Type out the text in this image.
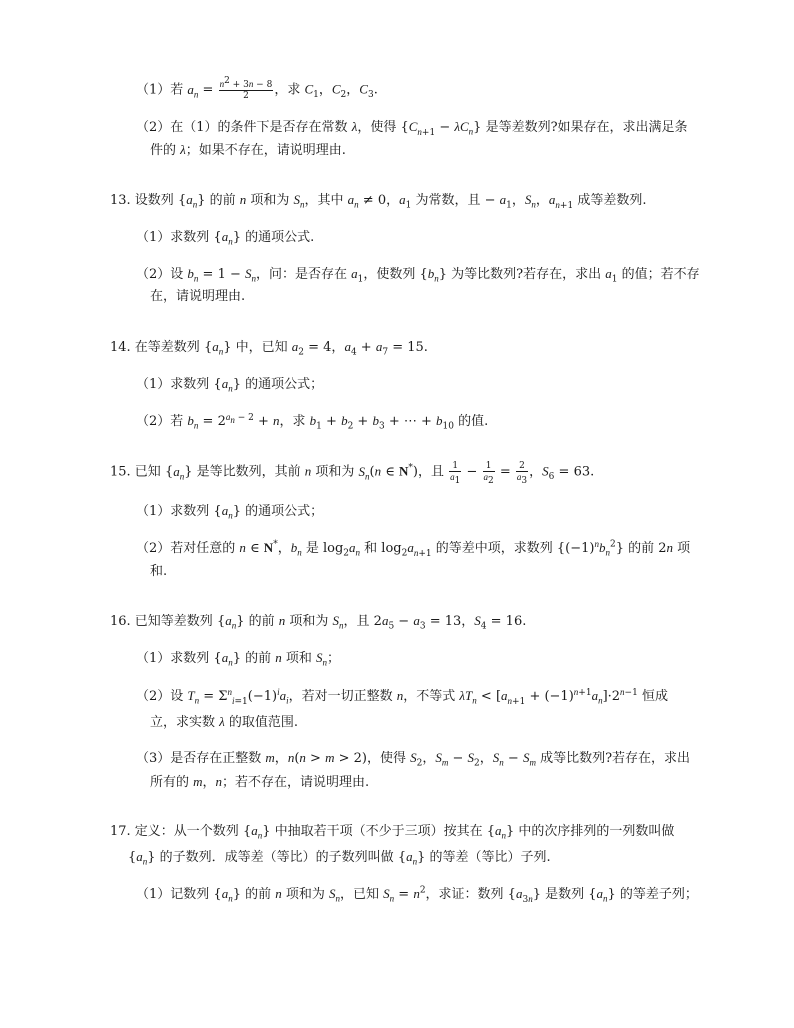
（1）若 $a_n = \frac{n^2 + 3n - 8}{2}$ ，求 $C_1$，$C_2$，$C_3$.
（2）在（1）的条件下是否存在常数 λ，使得 $\{C_{n+1} - \lambda C_n\}$ 是等差数列?如果存在，求出满足条
件的 λ；如果不存在，请说明理由.
13. 设数列 $\{a_n\}$ 的前 n 项和为 $S_n$，其中 $a_n \ne 0$，$a_1$ 为常数，且 − $a_1$，$S_n$，$a_{n+1}$ 成等差数列.
（1）求数列 $\{a_n\}$ 的通项公式.
（2）设 $b_n = 1 - S_n$，问：是否存在 $a_1$，使数列 $\{b_n\}$ 为等比数列?若存在，求出 $a_1$ 的值；若不存
在，请说明理由.
14. 在等差数列 $\{a_n\}$ 中，已知 $a_2 = 4$，$a_4 + a_7 = 15$.
（1）求数列 $\{a_n\}$ 的通项公式；
（2）若 $b_n = 2^{a_n - 2} + n$，求 $b_1 + b_2 + b_3$ + ⋯ + $b_{10}$ 的值.
15. 已知 $\{a_n\}$ 是等比数列，其前 n 项和为 $S_n(n$ ∈ N*)，且 $\frac{1}{a_1} - \frac{1}{a_2} = \frac{2}{a_3}$ ，$S_6 = 63$.
（1）求数列 $\{a_n\}$ 的通项公式；
（2）若对任意的 n ∈ N*，$b_n$ 是 $\log_2a_n$ 和 $\log_2a_{n+1}$ 的等差中项，求数列 $\{(-1)^nb_n^2\}$ 的前 2n 项
和.
16. 已知等差数列 $\{a_n\}$ 的前 n 项和为 $S_n$，且 $2a_5 - a_3 = 13$，$S_4 = 16$.
（1）求数列 $\{a_n\}$ 的前 n 项和 $S_n$；
（2）设 $T_n = \Sigma^n_{i=1}(-1)^ia_i$，若对一切正整数 n，不等式 $\lambda T_n < [a_{n+1} + (-1)^{n+1}a_n]\cdot 2^{n-1}$ 恒成
立，求实数 λ 的取值范围.
（3）是否存在正整数 m，n(n > m > 2)，使得 $S_2$，$S_m - S_2$，$S_n - S_m$ 成等比数列?若存在，求出
所有的 m，n；若不存在，请说明理由.
17. 定义：从一个数列 $\{a_n\}$ 中抽取若干项（不少于三项）按其在 $\{a_n\}$ 中的次序排列的一列数叫做
$\{a_n\}$ 的子数列．成等差（等比）的子数列叫做 $\{a_n\}$ 的等差（等比）子列.
（1）记数列 $\{a_n\}$ 的前 n 项和为 $S_n$，已知 $S_n = n^2$，求证：数列 $\{a_{3n}\}$ 是数列 $\{a_n\}$ 的等差子列；
